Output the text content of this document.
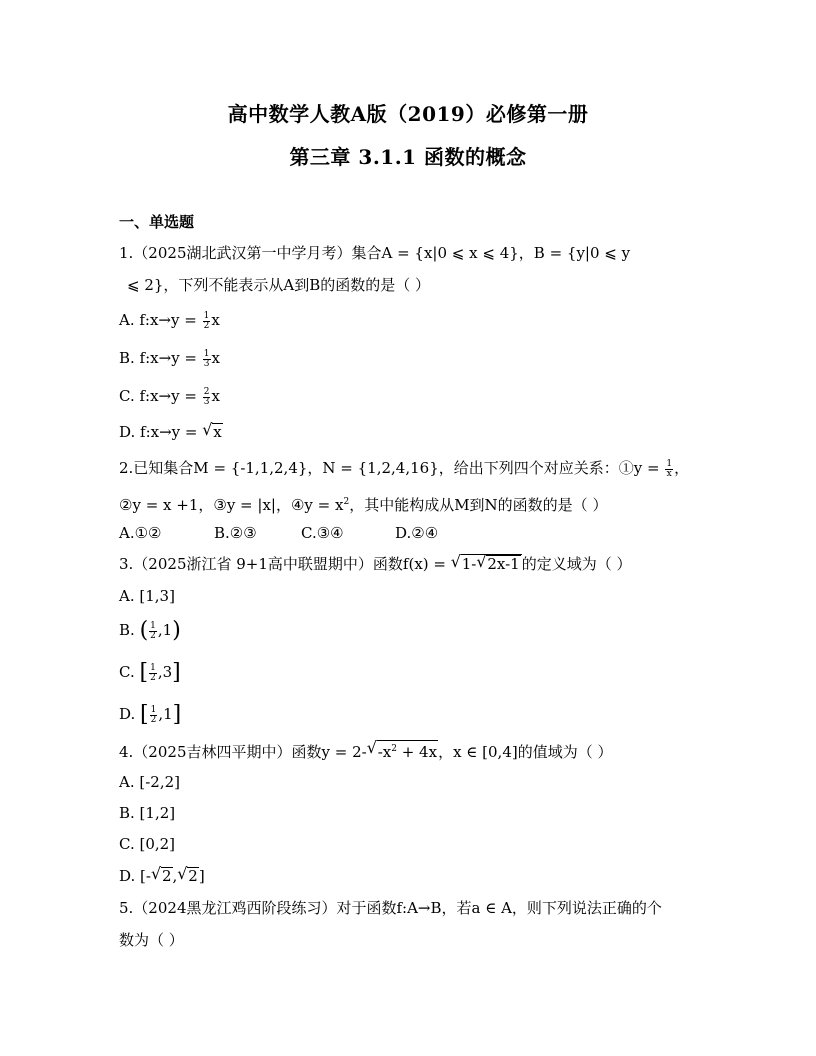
高中数学人教A版（2019）必修第一册
第三章 3.1.1 函数的概念
一、单选题
1.（2025湖北武汉第一中学月考）集合A = {x|0 ⩽ x ⩽ 4}，B = {y|0 ⩽ y
⩽ 2}，下列不能表示从A到B的函数的是（ ）
A. f:x→y = $\frac{1}{2}$ x
B. f:x→y = $\frac{1}{3}$ x
C. f:x→y = $\frac{2}{3}$ x
D. f:x→y = √ x
2.已知集合M = {-1,1,2,4}，N = {1,2,4,16}，给出下列四个对应关系：①y = $\frac{1}{x}$ ，
②y = x +1，③y = |x|，④y = $x^2$，其中能构成从M到N的函数的是（ ）
A.①②	B.②③	C.③④	D.②④
3.（2025浙江省 9+1高中联盟期中）函数f(x) = √ 1- √ 2x-1 的定义域为（ ）
A. [1,3]
B. ( $\frac{1}{2} ,1$)
C. [ $\frac{1}{2} ,3$]
D. [ $\frac{1}{2} ,1$]
4.（2025吉林四平期中）函数y = 2- √ $-x^2 + 4x$，x ∈ [0,4]的值域为（ ）
A. [-2,2]
B. [1,2]
C. [0,2]
D. [- √ 2, √ 2]
5.（2024黑龙江鸡西阶段练习）对于函数f:A→B，若a ∈ A，则下列说法正确的个
数为（ ）
